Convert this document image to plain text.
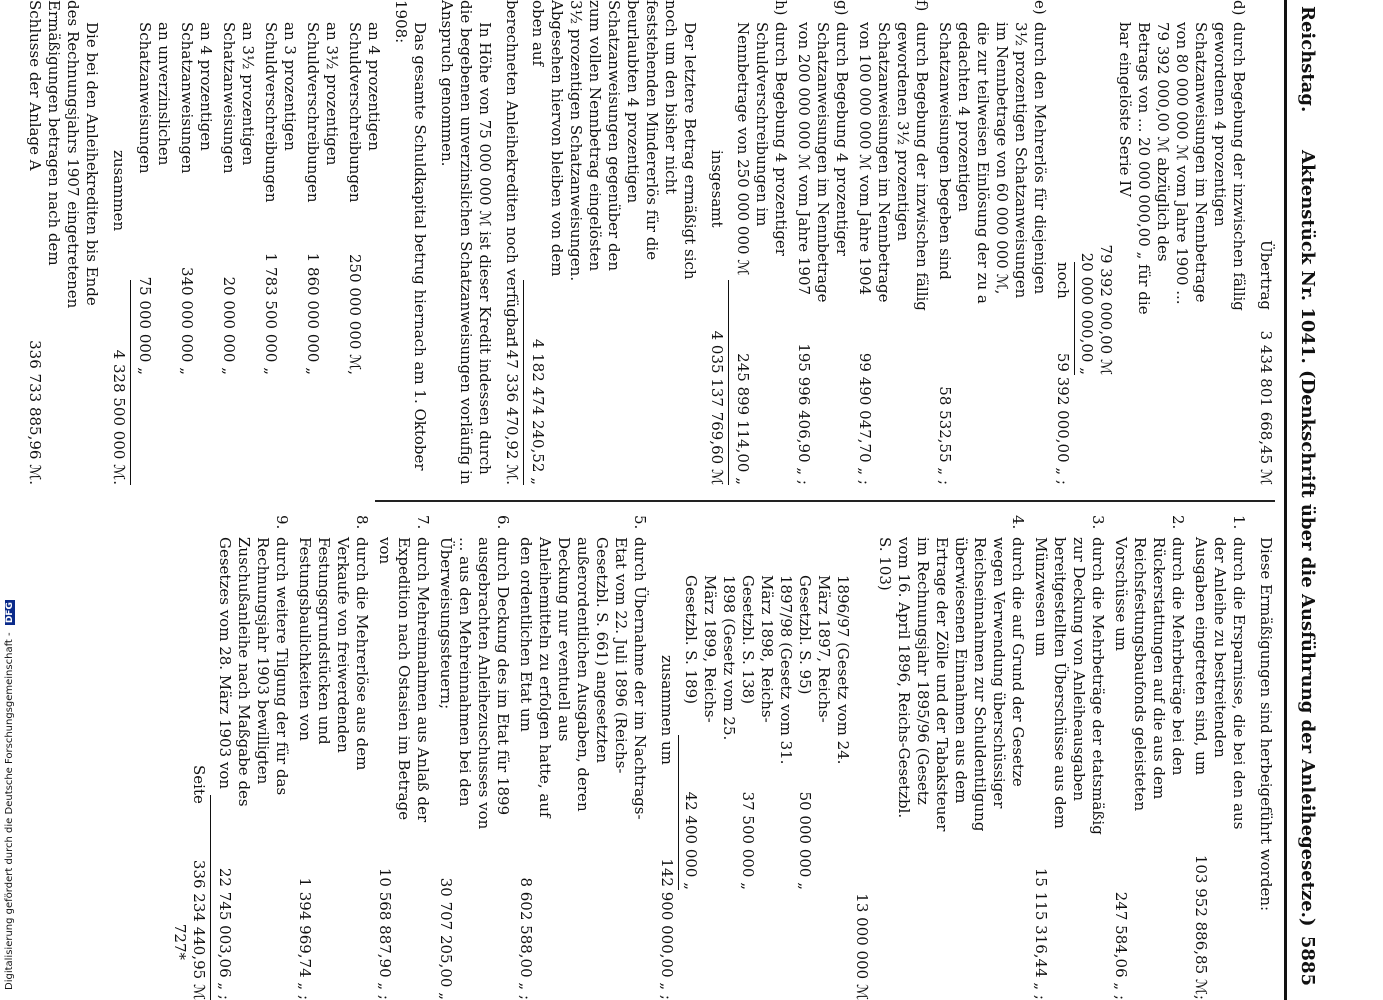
Reichstag.
Aktenstück Nr. 1041. (Denkschrift über die Ausführung der Anleihegesetze.)
5885
Übertrag
3 434 801 668,45 ℳ
d)
durch Begebung der inzwischen fällig gewordenen 4 prozentigen Schatzanweisungen im Nennbetrage von 80 000 000 ℳ vom Jahre 1900 ... 79 392 000,00 ℳ abzüglich des Betrags von ... 20 000 000,00 „ für die bar eingelöste Serie IV
79 392 000,00 ℳ
20 000 000,00 „
noch
59 392 000,00 „ ;
e)
durch den Mehrerlös für diejenigen 3½ prozentigen Schatzanweisungen im Nennbetrage von 60 000 000 ℳ, die zur teilweisen Einlösung der zu a gedachten 4 prozentigen Schatzanweisungen begeben sind
58 532,55 „ ;
f)
durch Begebung der inzwischen fällig gewordenen 3½ prozentigen Schatzanweisungen im Nennbetrage von 100 000 000 ℳ vom Jahre 1904
99 490 047,70 „ ;
g)
durch Begebung 4 prozentiger Schatzanweisungen im Nennbetrage von 200 000 000 ℳ vom Jahre 1907
195 996 406,90 „ ;
h)
durch Begebung 4 prozentiger Schuldverschreibungen im Nennbetrage von 250 000 000 ℳ
245 899 114,00 „
insgesamt
4 035 137 769,60 ℳ
Der letztere Betrag ermäßigt sich noch um den bisher nicht feststehenden Mindererlös für die beurlaubten 4 prozentigen Schatzanweisungen gegenüber den zum vollen Nennbetrag eingelösten 3½ prozentigen Schatzanweisungen. Abgesehen hiervon bleiben von dem oben auf
4 182 474 240,52 „
berechneten Anleihekrediten noch verfügbar
147 336 470,92 ℳ.
In Höhe von 75 000 000 ℳ ist dieser Kredit indessen durch die begebenen unverzinslichen Schatzanweisungen vorläufig in Anspruch genommen.
Das gesamte Schuldkapital betrug hiernach am 1. Oktober 1908:
an 4 prozentigen Schuldverschreibungen
250 000 000 ℳ,
an 3½ prozentigen Schuldverschreibungen
1 860 000 000 „
an 3 prozentigen Schuldverschreibungen
1 783 500 000 „
an 3½ prozentigen Schatzanweisungen
20 000 000 „
an 4 prozentigen Schatzanweisungen
340 000 000 „
an unverzinslichen Schatzanweisungen
75 000 000 „
zusammen
4 328 500 000 ℳ.
Die bei den Anleihekrediten bis Ende des Rechnungsjahrs 1907 eingetretenen Ermäßigungen betragen nach dem Schlusse der Anlage A
336 733 885,96 ℳ.
Diese Ermäßigungen sind herbeigeführt worden:
1.
durch die Ersparnisse, die bei den aus der Anleihe zu bestreitenden Ausgaben eingetreten sind, um
103 952 886,85 ℳ;
2.
durch die Mehrbeträge bei den Rückerstattungen auf die aus dem Reichsfestungsbaufonds geleisteten Vorschüsse um
247 584,06 „ ;
3.
durch die Mehrbeträge der etatsmäßig zur Deckung von Anleiheausgaben bereitgestellten Überschüsse aus dem Münzwesen um
15 115 316,44 „ ;
4.
durch die auf Grund der Gesetze wegen Verwendung überschüssiger Reichseinnahmen zur Schuldentilgung überwiesenen Einnahmen aus dem Ertrage der Zölle und der Tabaksteuer im Rechnungsjahr 1895/96 (Gesetz vom 16. April 1896, Reichs-Gesetzbl. S. 103)
13 000 000 ℳ
1896/97 (Gesetz vom 24. März 1897, Reichs-Gesetzbl. S. 95)
50 000 000 „
1897/98 (Gesetz vom 31. März 1898, Reichs-Gesetzbl. S. 138)
37 500 000 „
1898 (Gesetz vom 25. März 1899, Reichs-Gesetzbl. S. 189)
42 400 000 „
zusammen um
142 900 000,00 „ ;
5.
durch Übernahme der im Nachtrags-Etat vom 22. Juli 1896 (Reichs-Gesetzbl. S. 661) angesetzten außerordentlichen Ausgaben, deren Deckung nur eventuell aus Anleihemitteln zu erfolgen hatte, auf den ordentlichen Etat um
8 602 588,00 „ ;
6.
durch Deckung des im Etat für 1899 ausgebrachten Anleihezuschusses von ... aus den Mehreinnahmen bei den Überweisungssteuern;
30 707 205,00 „
7.
durch Mehreinnahmen aus Anlaß der Expedition nach Ostasien im Betrage von
10 568 887,90 „ ;
8.
durch die Mehrerlöse aus dem Verkaufe von freiwerdenden Festungsgrundstücken und Festungsbaulichkeiten von
1 394 969,74 „ ;
9.
durch weitere Tilgung der für das Rechnungsjahr 1903 bewilligten Zuschußanleihe nach Maßgabe des Gesetzes vom 28. März 1903 von
22 745 003,06 „ ;
Seite
336 234 440,95 ℳ
727*
Digitalisierung gefördert durch die Deutsche Forschungsgemeinschaft - DFG
